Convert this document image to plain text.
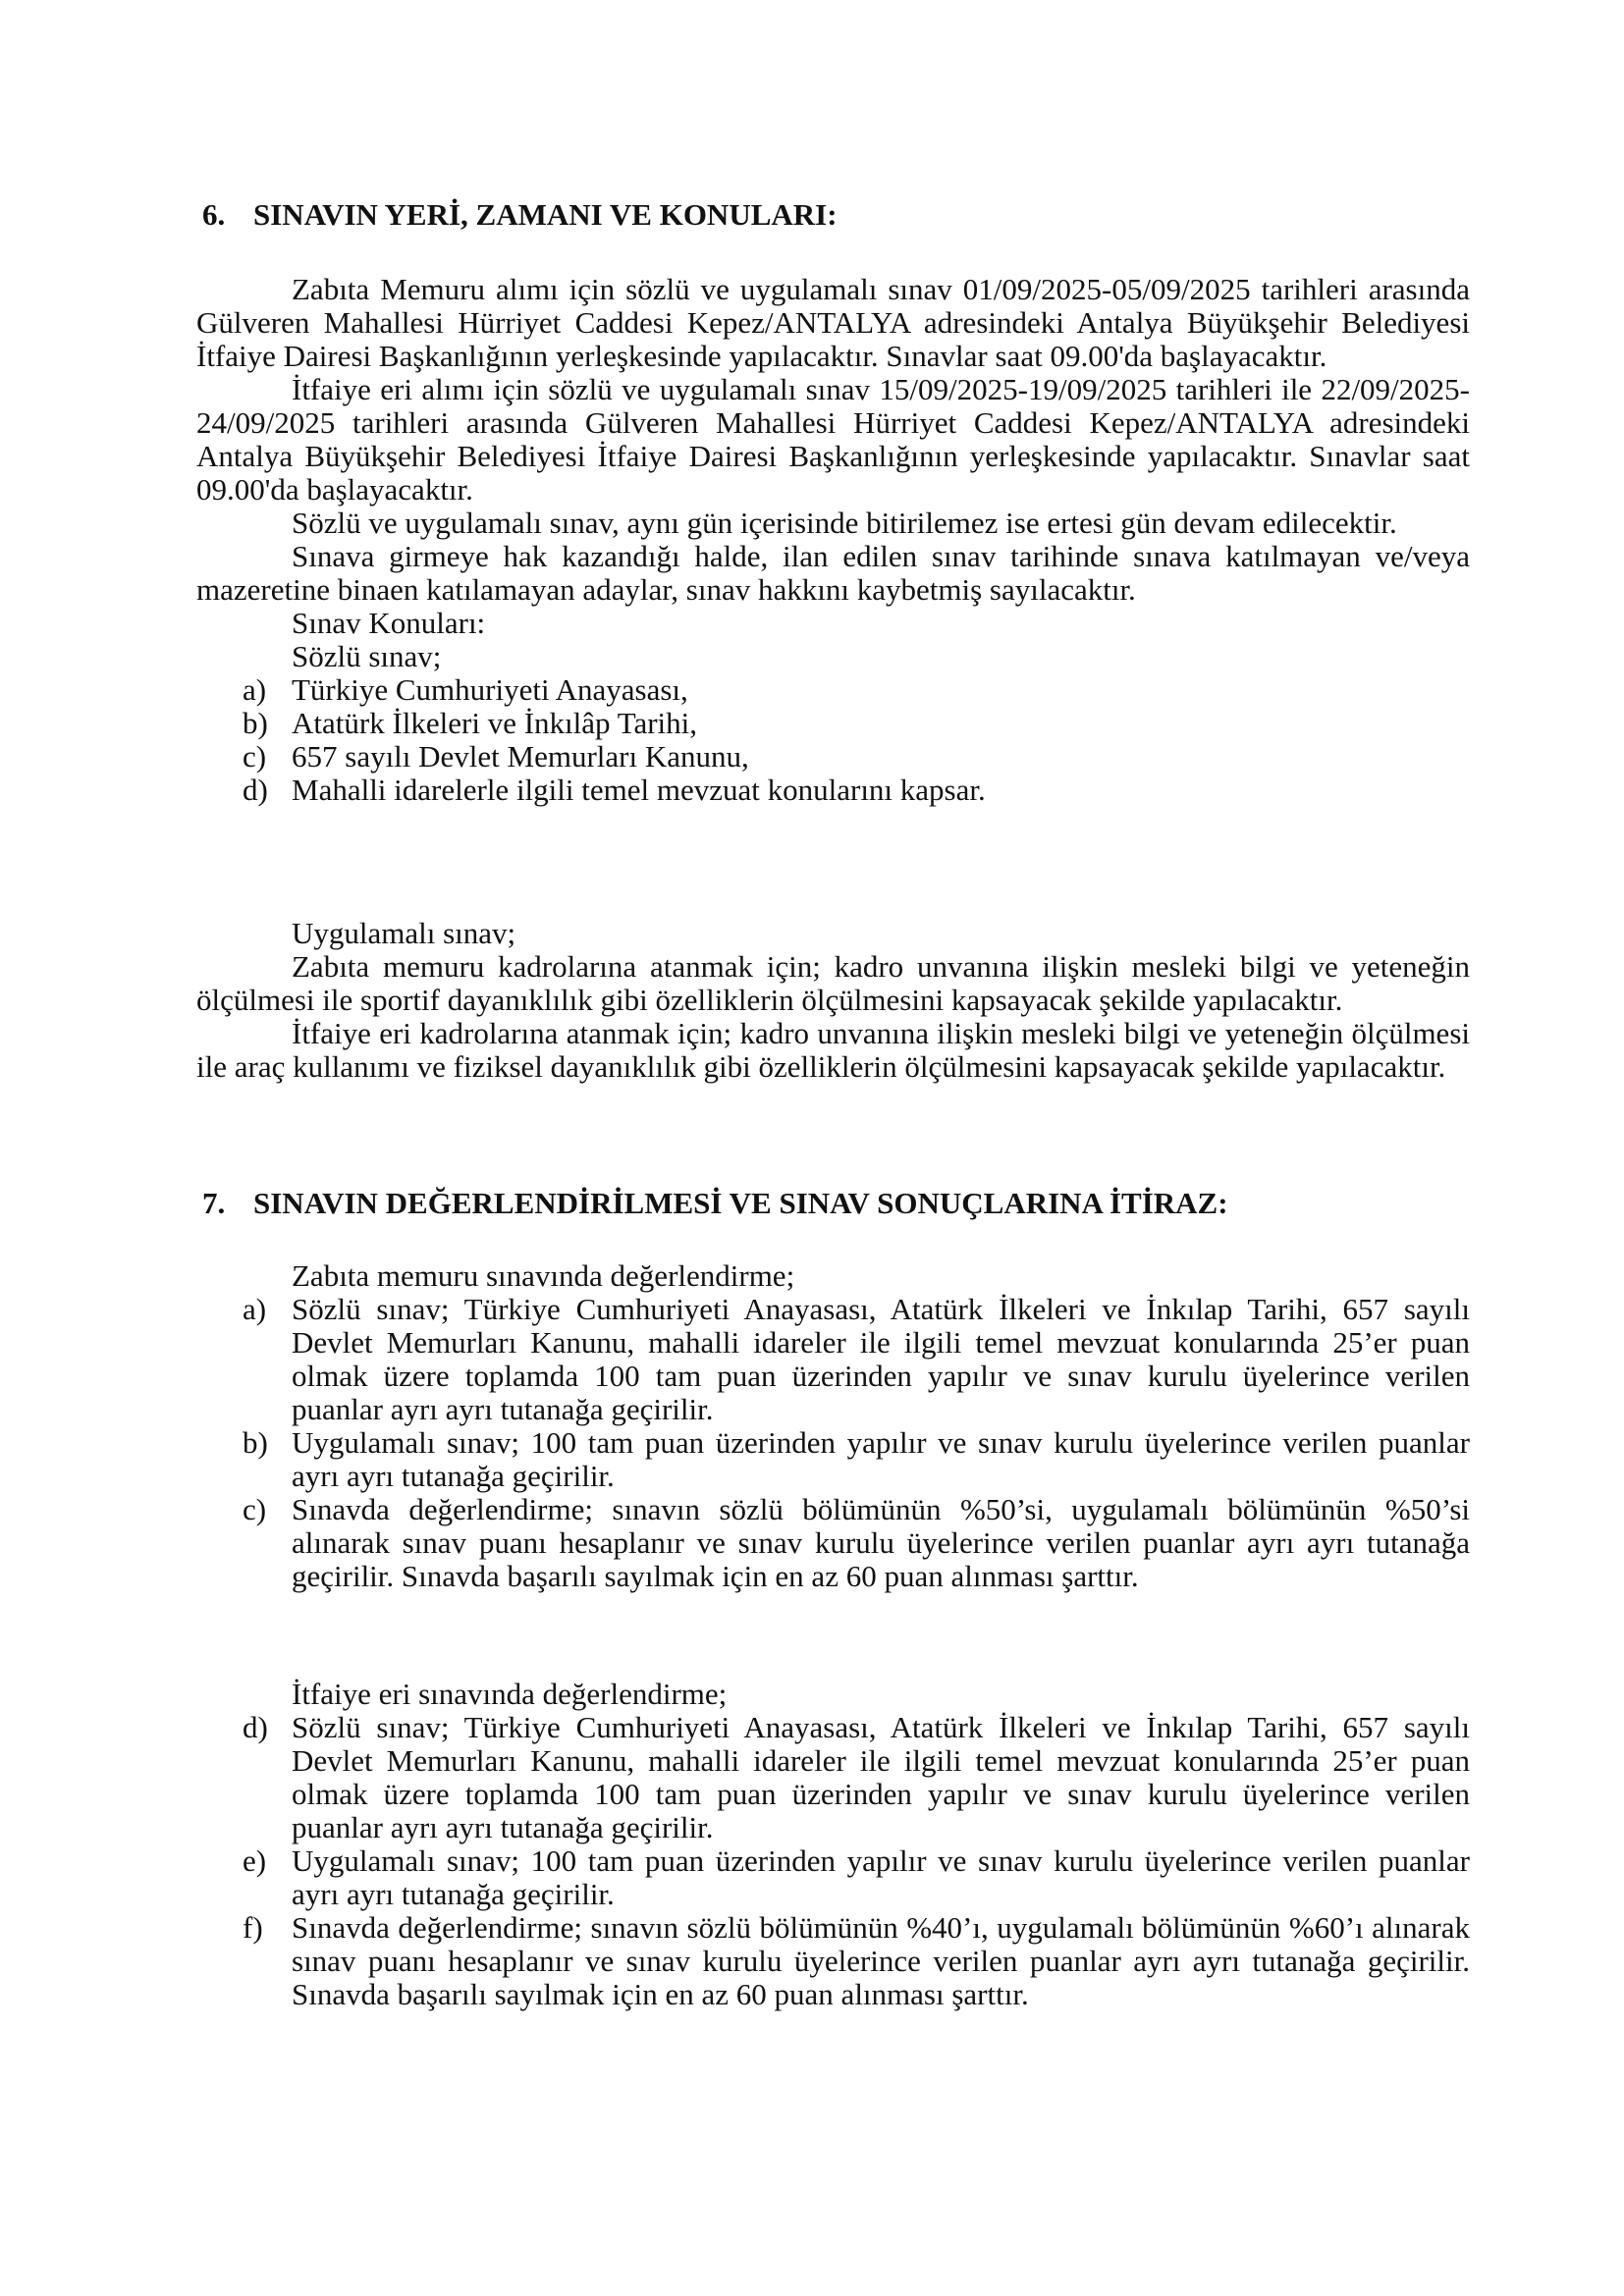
6. SINAVIN YERİ, ZAMANI VE KONULARI:

Zabıta Memuru alımı için sözlü ve uygulamalı sınav 01/09/2025-05/09/2025 tarihleri arasında Gülveren Mahallesi Hürriyet Caddesi Kepez/ANTALYA adresindeki Antalya Büyükşehir Belediyesi İtfaiye Dairesi Başkanlığının yerleşkesinde yapılacaktır. Sınavlar saat 09.00'da başlayacaktır.

İtfaiye eri alımı için sözlü ve uygulamalı sınav 15/09/2025-19/09/2025 tarihleri ile 22/09/2025-24/09/2025 tarihleri arasında Gülveren Mahallesi Hürriyet Caddesi Kepez/ANTALYA adresindeki Antalya Büyükşehir Belediyesi İtfaiye Dairesi Başkanlığının yerleşkesinde yapılacaktır. Sınavlar saat 09.00'da başlayacaktır.

Sözlü ve uygulamalı sınav, aynı gün içerisinde bitirilemez ise ertesi gün devam edilecektir.

Sınava girmeye hak kazandığı halde, ilan edilen sınav tarihinde sınava katılmayan ve/veya mazeretine binaen katılamayan adaylar, sınav hakkını kaybetmiş sayılacaktır.

Sınav Konuları:

Sözlü sınav;

a) Türkiye Cumhuriyeti Anayasası,

b) Atatürk İlkeleri ve İnkılâp Tarihi,

c) 657 sayılı Devlet Memurları Kanunu,

d) Mahalli idarelerle ilgili temel mevzuat konularını kapsar.

Uygulamalı sınav;

Zabıta memuru kadrolarına atanmak için; kadro unvanına ilişkin mesleki bilgi ve yeteneğin ölçülmesi ile sportif dayanıklılık gibi özelliklerin ölçülmesini kapsayacak şekilde yapılacaktır.

İtfaiye eri kadrolarına atanmak için; kadro unvanına ilişkin mesleki bilgi ve yeteneğin ölçülmesi ile araç kullanımı ve fiziksel dayanıklılık gibi özelliklerin ölçülmesini kapsayacak şekilde yapılacaktır.

7. SINAVIN DEĞERLENDİRİLMESİ VE SINAV SONUÇLARINA İTİRAZ:

Zabıta memuru sınavında değerlendirme;

a) Sözlü sınav; Türkiye Cumhuriyeti Anayasası, Atatürk İlkeleri ve İnkılap Tarihi, 657 sayılı Devlet Memurları Kanunu, mahalli idareler ile ilgili temel mevzuat konularında 25’er puan olmak üzere toplamda 100 tam puan üzerinden yapılır ve sınav kurulu üyelerince verilen puanlar ayrı ayrı tutanağa geçirilir.

b) Uygulamalı sınav; 100 tam puan üzerinden yapılır ve sınav kurulu üyelerince verilen puanlar ayrı ayrı tutanağa geçirilir.

c) Sınavda değerlendirme; sınavın sözlü bölümünün %50’si, uygulamalı bölümünün %50’si alınarak sınav puanı hesaplanır ve sınav kurulu üyelerince verilen puanlar ayrı ayrı tutanağa geçirilir. Sınavda başarılı sayılmak için en az 60 puan alınması şarttır.

İtfaiye eri sınavında değerlendirme;

d) Sözlü sınav; Türkiye Cumhuriyeti Anayasası, Atatürk İlkeleri ve İnkılap Tarihi, 657 sayılı Devlet Memurları Kanunu, mahalli idareler ile ilgili temel mevzuat konularında 25’er puan olmak üzere toplamda 100 tam puan üzerinden yapılır ve sınav kurulu üyelerince verilen puanlar ayrı ayrı tutanağa geçirilir.

e) Uygulamalı sınav; 100 tam puan üzerinden yapılır ve sınav kurulu üyelerince verilen puanlar ayrı ayrı tutanağa geçirilir.

f) Sınavda değerlendirme; sınavın sözlü bölümünün %40’ı, uygulamalı bölümünün %60’ı alınarak sınav puanı hesaplanır ve sınav kurulu üyelerince verilen puanlar ayrı ayrı tutanağa geçirilir. Sınavda başarılı sayılmak için en az 60 puan alınması şarttır.
